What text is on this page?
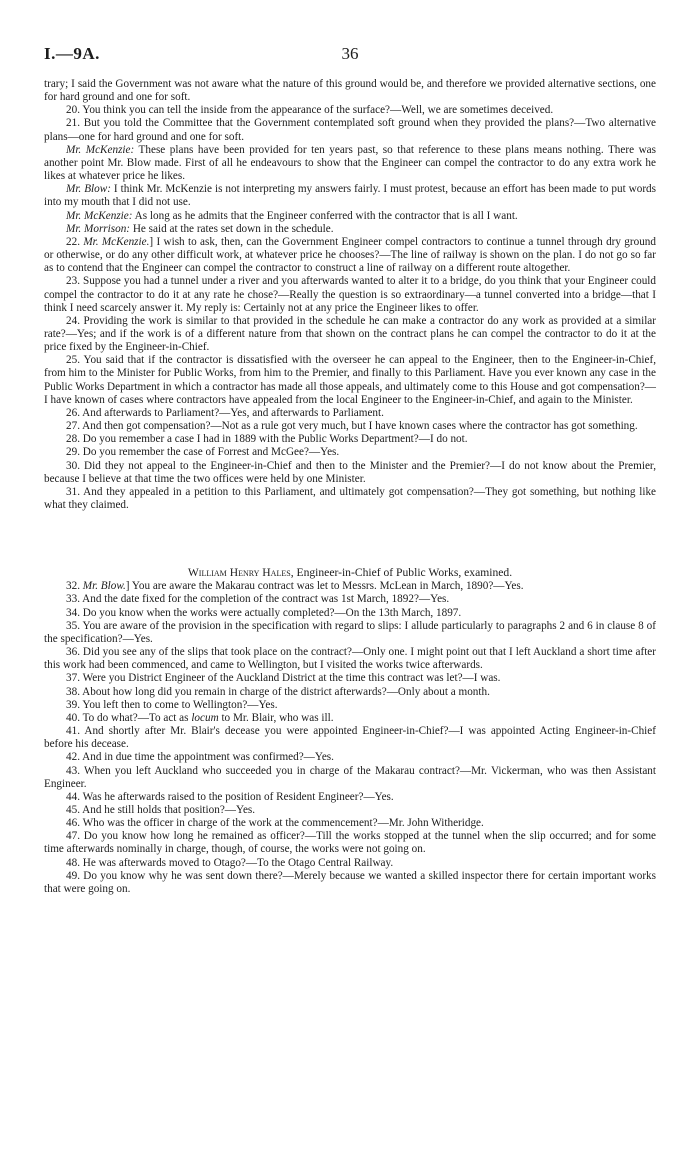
I.—9A.	36

trary; I said the Government was not aware what the nature of this ground would be, and therefore we provided alternative sections, one for hard ground and one for soft.

20. You think you can tell the inside from the appearance of the surface?—Well, we are sometimes deceived.

21. But you told the Committee that the Government contemplated soft ground when they provided the plans?—Two alternative plans—one for hard ground and one for soft.

Mr. McKenzie: These plans have been provided for ten years past, so that reference to these plans means nothing. There was another point Mr. Blow made. First of all he endeavours to show that the Engineer can compel the contractor to do any extra work he likes at whatever price he likes.

Mr. Blow: I think Mr. McKenzie is not interpreting my answers fairly. I must protest, because an effort has been made to put words into my mouth that I did not use.

Mr. McKenzie: As long as he admits that the Engineer conferred with the contractor that is all I want.

Mr. Morrison: He said at the rates set down in the schedule.

22. Mr. McKenzie.] I wish to ask, then, can the Government Engineer compel contractors to continue a tunnel through dry ground or otherwise, or do any other difficult work, at whatever price he chooses?—The line of railway is shown on the plan. I do not go so far as to contend that the Engineer can compel the contractor to construct a line of railway on a different route altogether.

23. Suppose you had a tunnel under a river and you afterwards wanted to alter it to a bridge, do you think that your Engineer could compel the contractor to do it at any rate he chose?—Really the question is so extraordinary—a tunnel converted into a bridge—that I think I need scarcely answer it. My reply is: Certainly not at any price the Engineer likes to offer.

24. Providing the work is similar to that provided in the schedule he can make a contractor do any work as provided at a similar rate?—Yes; and if the work is of a different nature from that shown on the contract plans he can compel the contractor to do it at the price fixed by the Engineer-in-Chief.

25. You said that if the contractor is dissatisfied with the overseer he can appeal to the Engineer, then to the Engineer-in-Chief, from him to the Minister for Public Works, from him to the Premier, and finally to this Parliament. Have you ever known any case in the Public Works Department in which a contractor has made all those appeals, and ultimately come to this House and got compensation?—I have known of cases where contractors have appealed from the local Engineer to the Engineer-in-Chief, and again to the Minister.

26. And afterwards to Parliament?—Yes, and afterwards to Parliament.

27. And then got compensation?—Not as a rule got very much, but I have known cases where the contractor has got something.

28. Do you remember a case I had in 1889 with the Public Works Department?—I do not.

29. Do you remember the case of Forrest and McGee?—Yes.

30. Did they not appeal to the Engineer-in-Chief and then to the Minister and the Premier?—I do not know about the Premier, because I believe at that time the two offices were held by one Minister.

31. And they appealed in a petition to this Parliament, and ultimately got compensation?—They got something, but nothing like what they claimed.

William Henry Hales, Engineer-in-Chief of Public Works, examined.

32. Mr. Blow.] You are aware the Makarau contract was let to Messrs. McLean in March, 1890?—Yes.

33. And the date fixed for the completion of the contract was 1st March, 1892?—Yes.

34. Do you know when the works were actually completed?—On the 13th March, 1897.

35. You are aware of the provision in the specification with regard to slips: I allude particularly to paragraphs 2 and 6 in clause 8 of the specification?—Yes.

36. Did you see any of the slips that took place on the contract?—Only one. I might point out that I left Auckland a short time after this work had been commenced, and came to Wellington, but I visited the works twice afterwards.

37. Were you District Engineer of the Auckland District at the time this contract was let?—I was.

38. About how long did you remain in charge of the district afterwards?—Only about a month.

39. You left then to come to Wellington?—Yes.

40. To do what?—To act as locum to Mr. Blair, who was ill.

41. And shortly after Mr. Blair's decease you were appointed Engineer-in-Chief?—I was appointed Acting Engineer-in-Chief before his decease.

42. And in due time the appointment was confirmed?—Yes.

43. When you left Auckland who succeeded you in charge of the Makarau contract?—Mr. Vickerman, who was then Assistant Engineer.

44. Was he afterwards raised to the position of Resident Engineer?—Yes.

45. And he still holds that position?—Yes.

46. Who was the officer in charge of the work at the commencement?—Mr. John Witheridge.

47. Do you know how long he remained as officer?—Till the works stopped at the tunnel when the slip occurred; and for some time afterwards nominally in charge, though, of course, the works were not going on.

48. He was afterwards moved to Otago?—To the Otago Central Railway.

49. Do you know why he was sent down there?—Merely because we wanted a skilled inspector there for certain important works that were going on.
